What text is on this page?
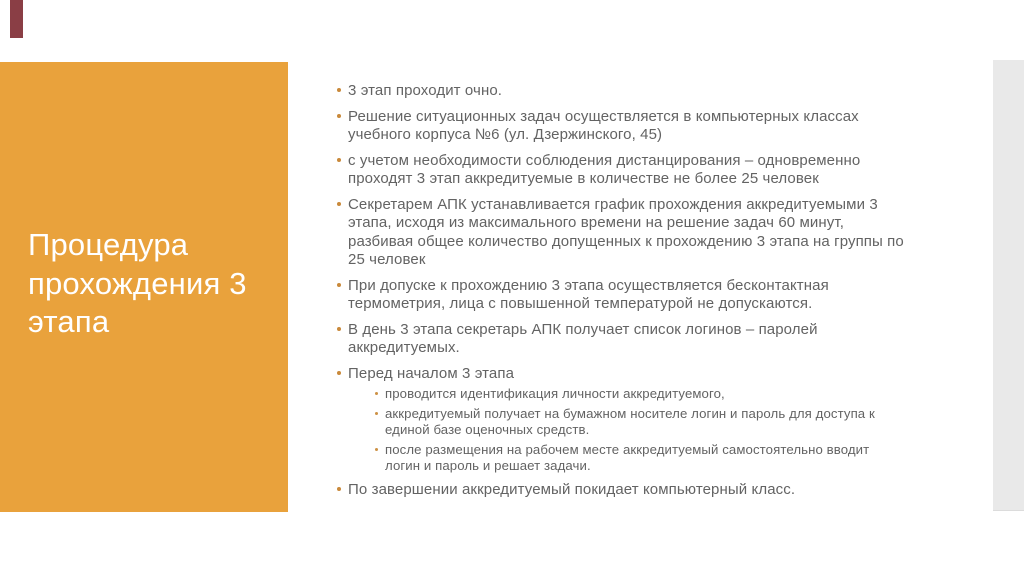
Процедура прохождения 3 этапа
3 этап проходит очно.
Решение ситуационных задач осуществляется в компьютерных классах учебного корпуса №6 (ул. Дзержинского, 45)
с учетом необходимости соблюдения дистанцирования – одновременно проходят 3 этап аккредитуемые в количестве не более 25 человек
Секретарем АПК устанавливается график прохождения аккредитуемыми 3 этапа, исходя из максимального времени на решение задач 60 минут, разбивая общее количество допущенных к прохождению 3 этапа на группы по 25 человек
При допуске к прохождению 3 этапа осуществляется бесконтактная термометрия, лица с повышенной температурой не допускаются.
В день 3 этапа секретарь АПК получает список логинов – паролей аккредитуемых.
Перед началом 3 этапа
проводится идентификация личности аккредитуемого,
аккредитуемый получает на бумажном носителе логин и пароль для доступа к единой базе оценочных средств.
после размещения на рабочем месте аккредитуемый самостоятельно вводит логин и пароль и решает задачи.
По завершении аккредитуемый покидает компьютерный класс.
